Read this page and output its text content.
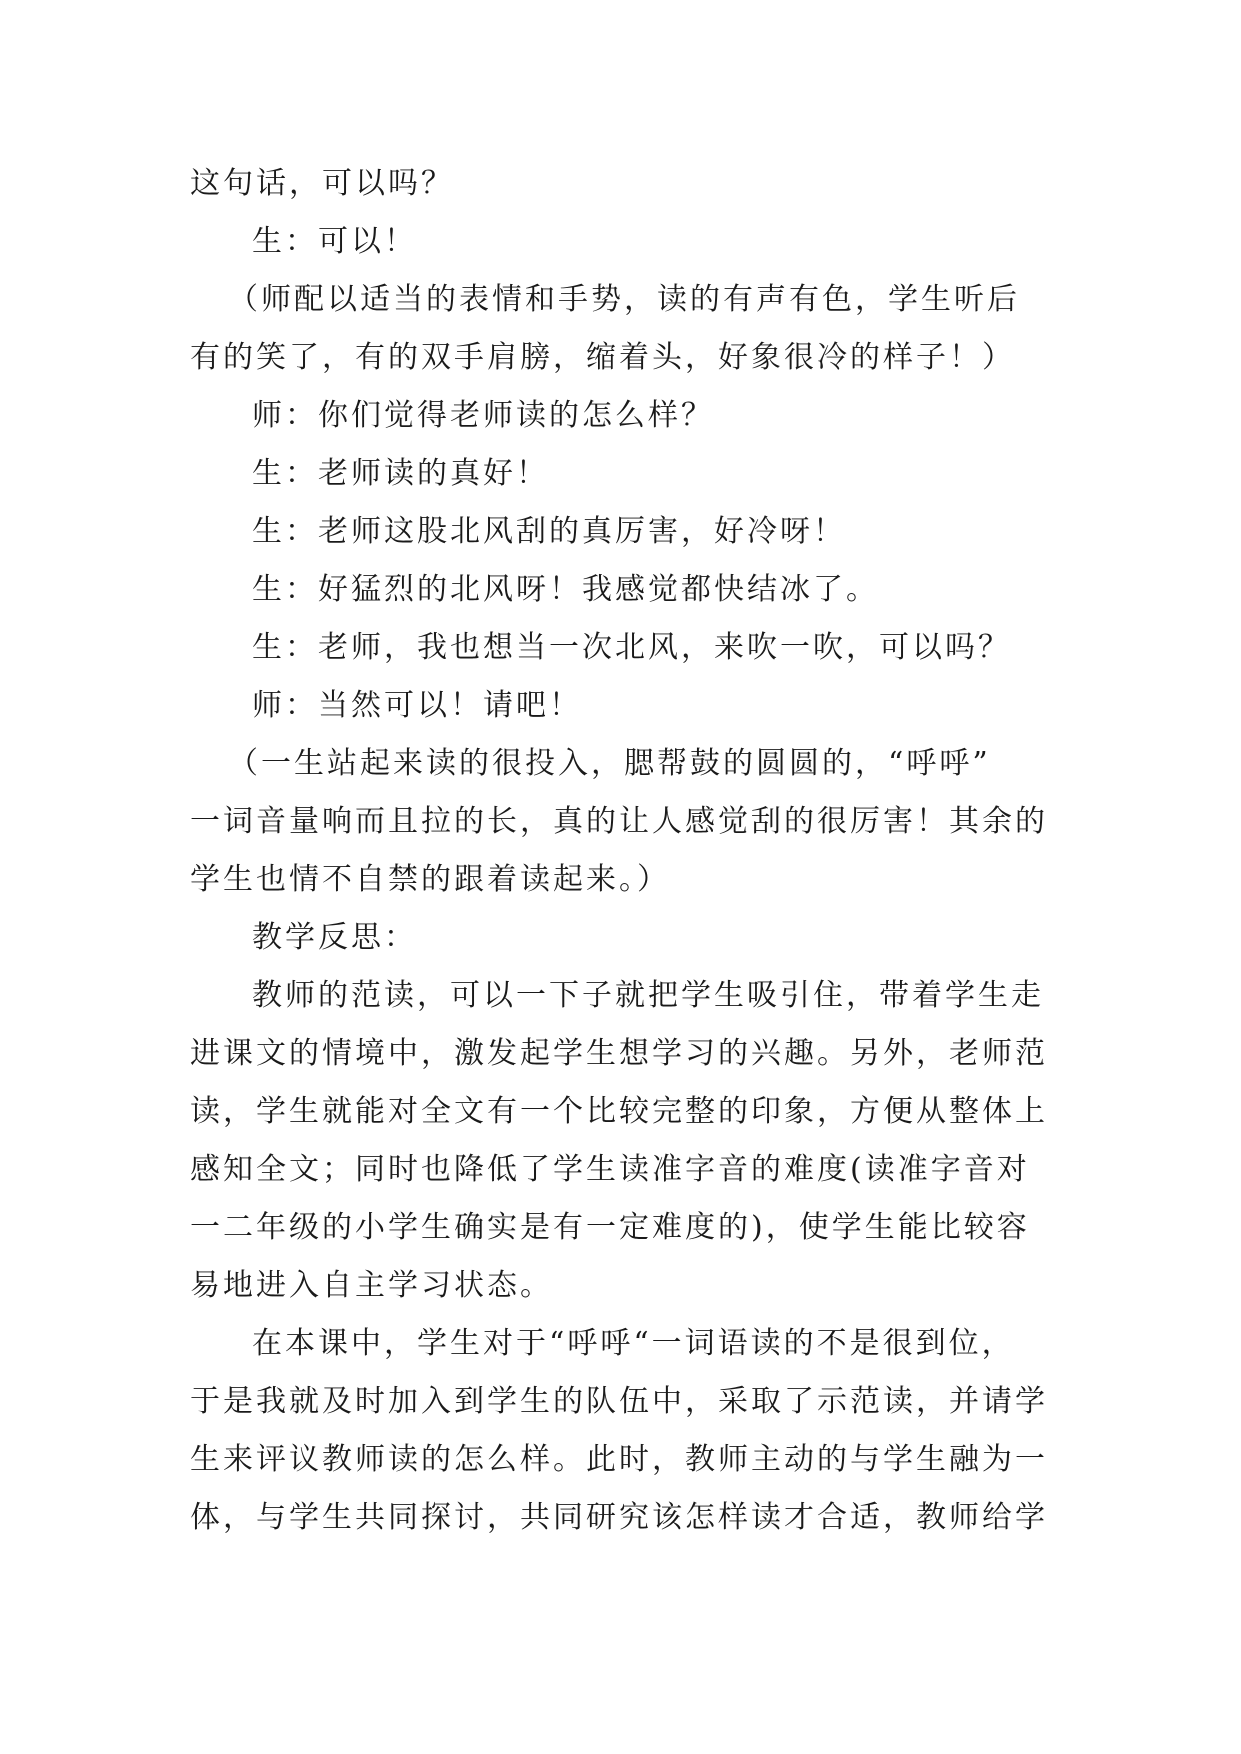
这句话，可以吗？
生：可以！
（师配以适当的表情和手势，读的有声有色，学生听后
有的笑了，有的双手肩膀，缩着头，好象很冷的样子！）
师：你们觉得老师读的怎么样？
生：老师读的真好！
生：老师这股北风刮的真厉害，好冷呀！
生：好猛烈的北风呀！我感觉都快结冰了。
生：老师，我也想当一次北风，来吹一吹，可以吗？
师：当然可以！请吧！
（一生站起来读的很投入，腮帮鼓的圆圆的，“呼呼”
一词音量响而且拉的长，真的让人感觉刮的很厉害！其余的
学生也情不自禁的跟着读起来。）
教学反思：
教师的范读，可以一下子就把学生吸引住，带着学生走
进课文的情境中，激发起学生想学习的兴趣。另外，老师范
读，学生就能对全文有一个比较完整的印象，方便从整体上
感知全文；同时也降低了学生读准字音的难度(读准字音对
一二年级的小学生确实是有一定难度的)，使学生能比较容
易地进入自主学习状态。
在本课中，学生对于“呼呼“一词语读的不是很到位，
于是我就及时加入到学生的队伍中，采取了示范读，并请学
生来评议教师读的怎么样。此时，教师主动的与学生融为一
体，与学生共同探讨，共同研究该怎样读才合适，教师给学
